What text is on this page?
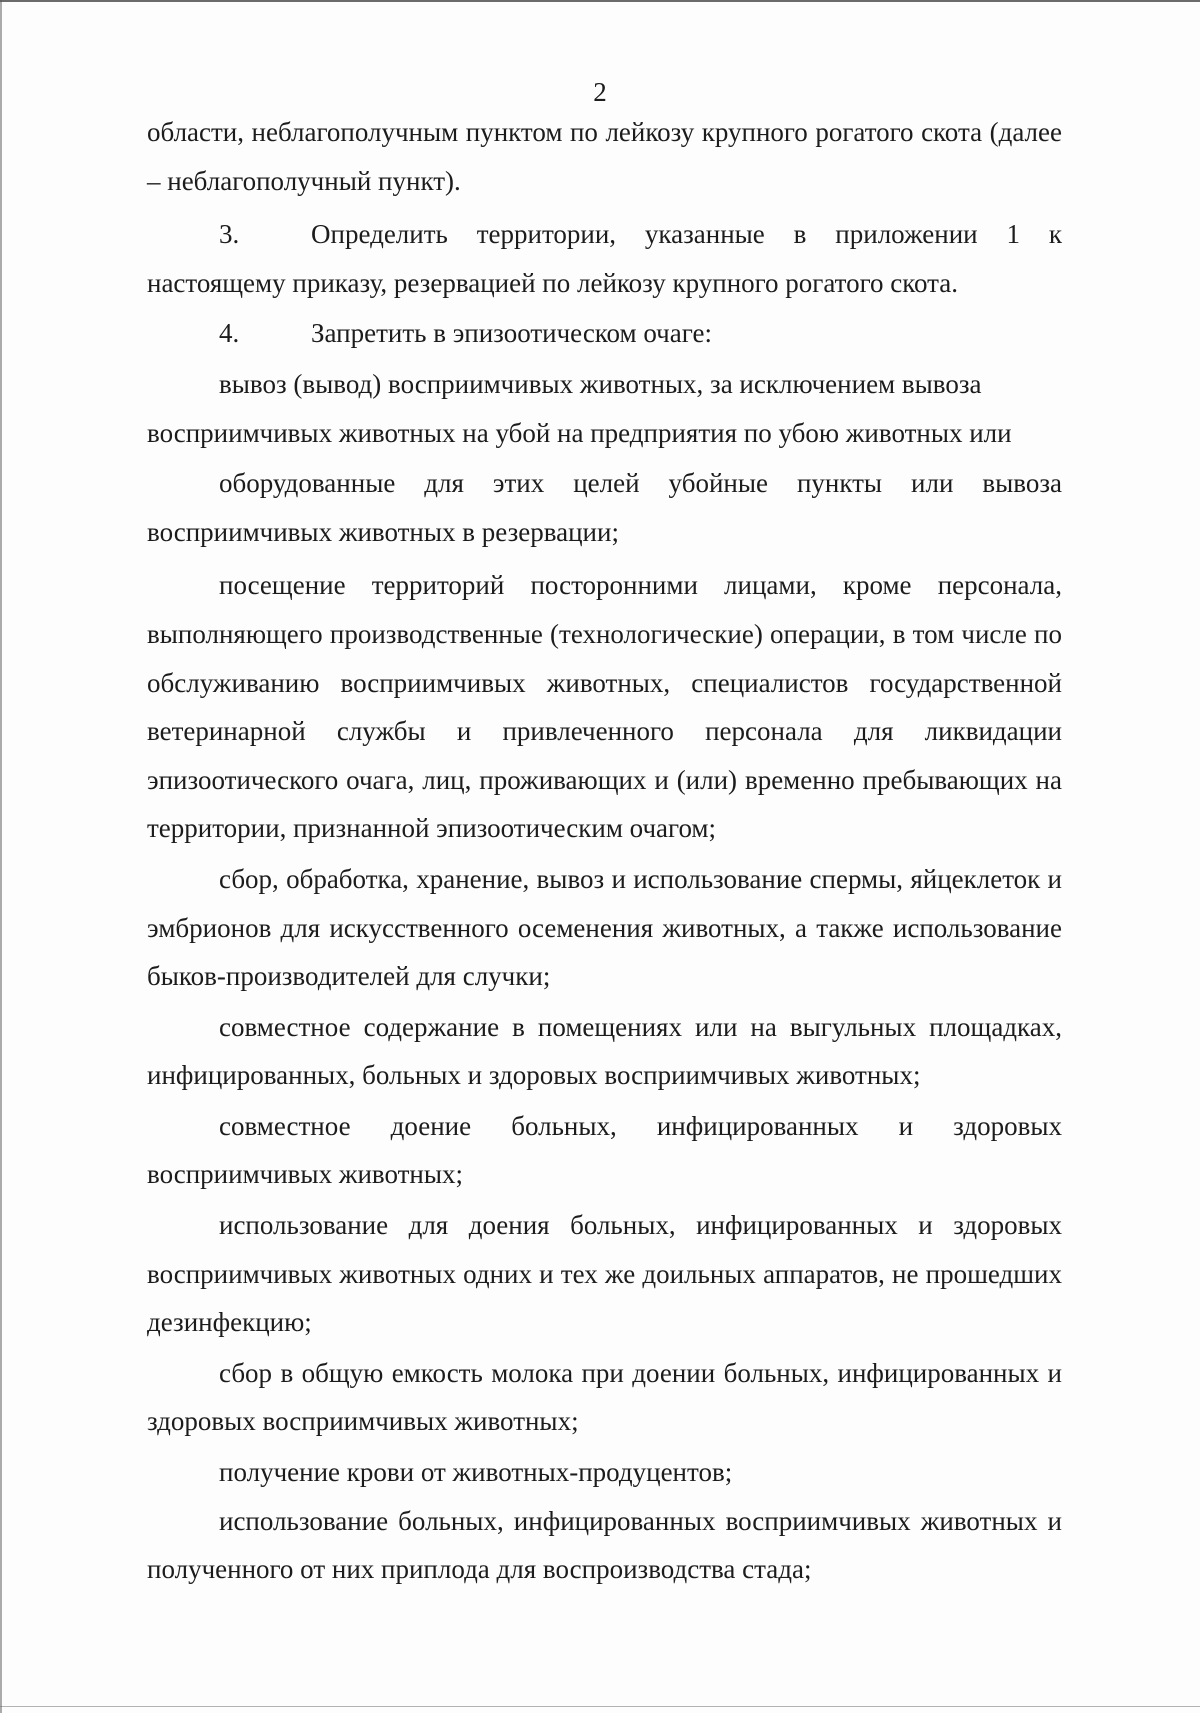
2

области, неблагополучным пунктом по лейкозу крупного рогатого скота (далее – неблагополучный пункт).

3.	Определить территории, указанные в приложении 1 к настоящему приказу, резервацией по лейкозу крупного рогатого скота.

4.	Запретить в эпизоотическом очаге:

вывоз (вывод) восприимчивых животных, за исключением вывоза восприимчивых животных на убой на предприятия по убою животных или

оборудованные для этих целей убойные пункты или вывоза восприимчивых животных в резервации;

посещение территорий посторонними лицами, кроме персонала, выполняющего производственные (технологические) операции, в том числе по обслуживанию восприимчивых животных, специалистов государственной ветеринарной службы и привлеченного персонала для ликвидации эпизоотического очага, лиц, проживающих и (или) временно пребывающих на территории, признанной эпизоотическим очагом;

сбор, обработка, хранение, вывоз и использование спермы, яйцеклеток и эмбрионов для искусственного осеменения животных, а также использование быков-производителей для случки;

совместное содержание в помещениях или на выгульных площадках, инфицированных, больных и здоровых восприимчивых животных;

совместное доение больных, инфицированных и здоровых восприимчивых животных;

использование для доения больных, инфицированных и здоровых восприимчивых животных одних и тех же доильных аппаратов, не прошедших дезинфекцию;

сбор в общую емкость молока при доении больных, инфицированных и здоровых восприимчивых животных;

получение крови от животных-продуцентов;

использование больных, инфицированных восприимчивых животных и полученного от них приплода для воспроизводства стада;
